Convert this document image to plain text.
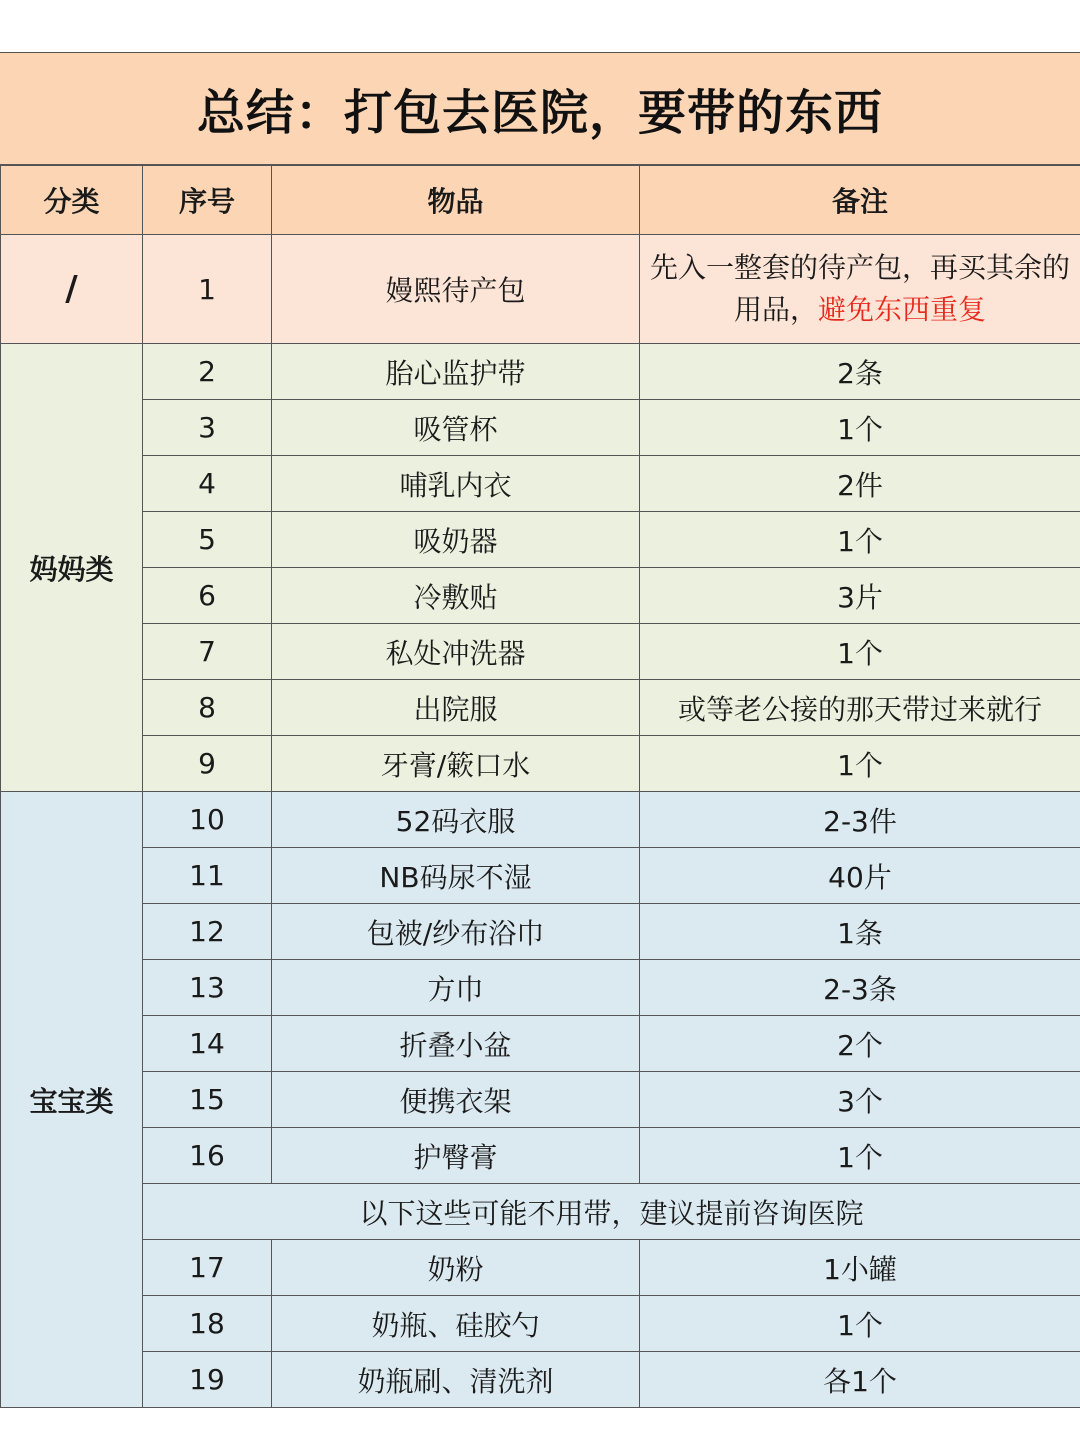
总结：打包去医院，要带的东西
分类	序号	物品	备注
/	1	嫚熙待产包	先入一整套的待产包，再买其余的用品，避免东西重复

妈妈类	2	胎心监护带	2条
	3	吸管杯	1个
	4	哺乳内衣	2件
	5	吸奶器	1个
	6	冷敷贴	3片
	7	私处冲洗器	1个
	8	出院服	或等老公接的那天带过来就行
	9	牙膏/簌口水	1个
宝宝类	10	52码衣服	2-3件
	11	NB码尿不湿	40片
	12	包被/纱布浴巾	1条
	13	方巾	2-3条
	14	折叠小盆	2个
	15	便携衣架	3个
	16	护臀膏	1个
	以下这些可能不用带，建议提前咨询医院		
	17	奶粉	1小罐
	18	奶瓶、硅胶勺	1个
	19	奶瓶刷、清洗剂	各1个
